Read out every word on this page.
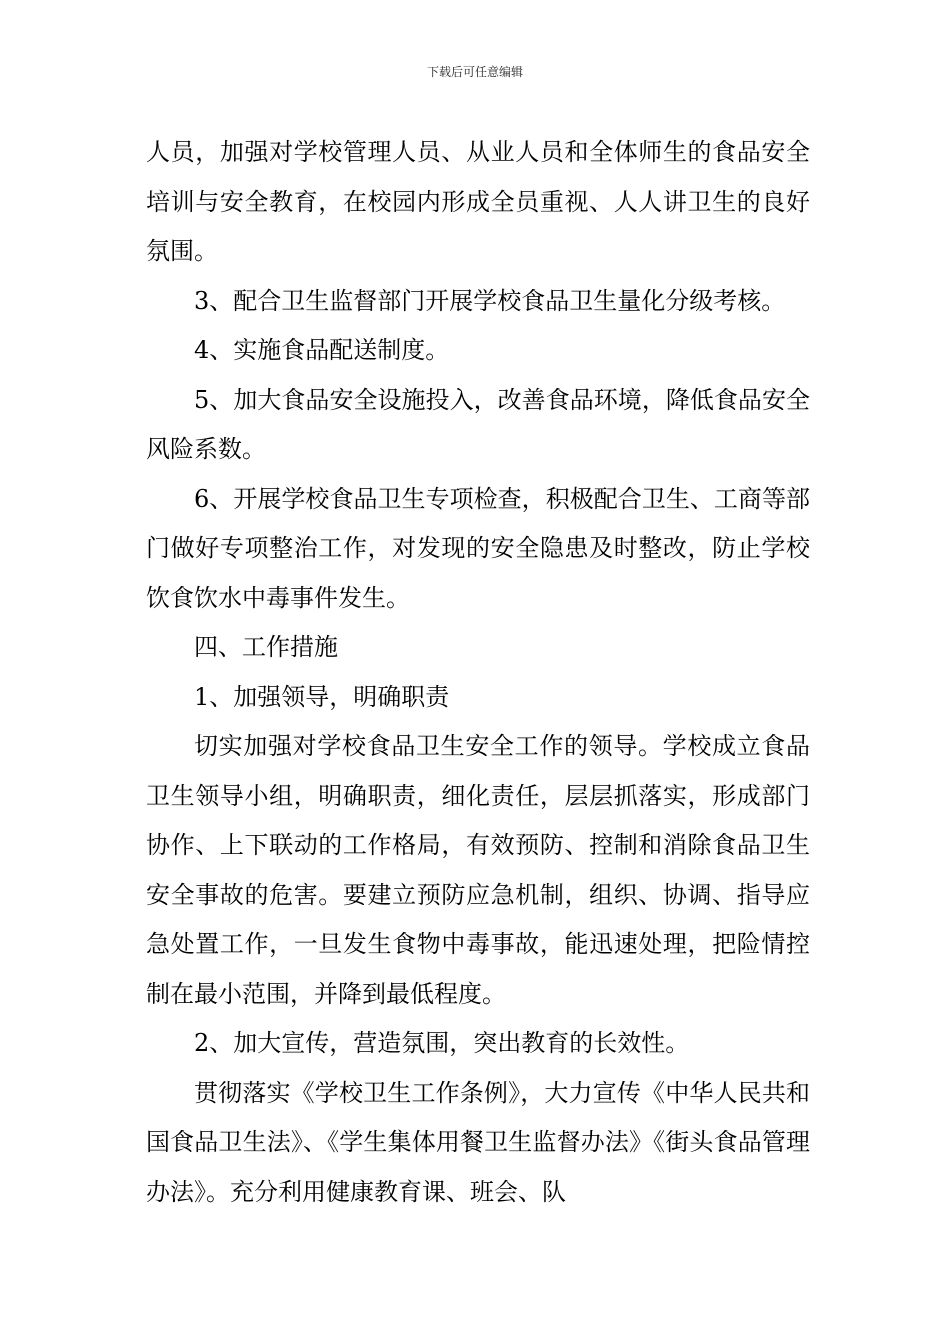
下载后可任意编辑

人员，加强对学校管理人员、从业人员和全体师生的食品安全培训与安全教育，在校园内形成全员重视、人人讲卫生的良好氛围。

3、配合卫生监督部门开展学校食品卫生量化分级考核。

4、实施食品配送制度。

5、加大食品安全设施投入，改善食品环境，降低食品安全风险系数。

6、开展学校食品卫生专项检查，积极配合卫生、工商等部门做好专项整治工作，对发现的安全隐患及时整改，防止学校饮食饮水中毒事件发生。

四、工作措施

1、加强领导，明确职责

切实加强对学校食品卫生安全工作的领导。学校成立食品卫生领导小组，明确职责，细化责任，层层抓落实，形成部门协作、上下联动的工作格局，有效预防、控制和消除食品卫生安全事故的危害。要建立预防应急机制，组织、协调、指导应急处置工作，一旦发生食物中毒事故，能迅速处理，把险情控制在最小范围，并降到最低程度。

2、加大宣传，营造氛围，突出教育的长效性。

贯彻落实《学校卫生工作条例》，大力宣传《中华人民共和国食品卫生法》、《学生集体用餐卫生监督办法》《街头食品管理办法》。充分利用健康教育课、班会、队
